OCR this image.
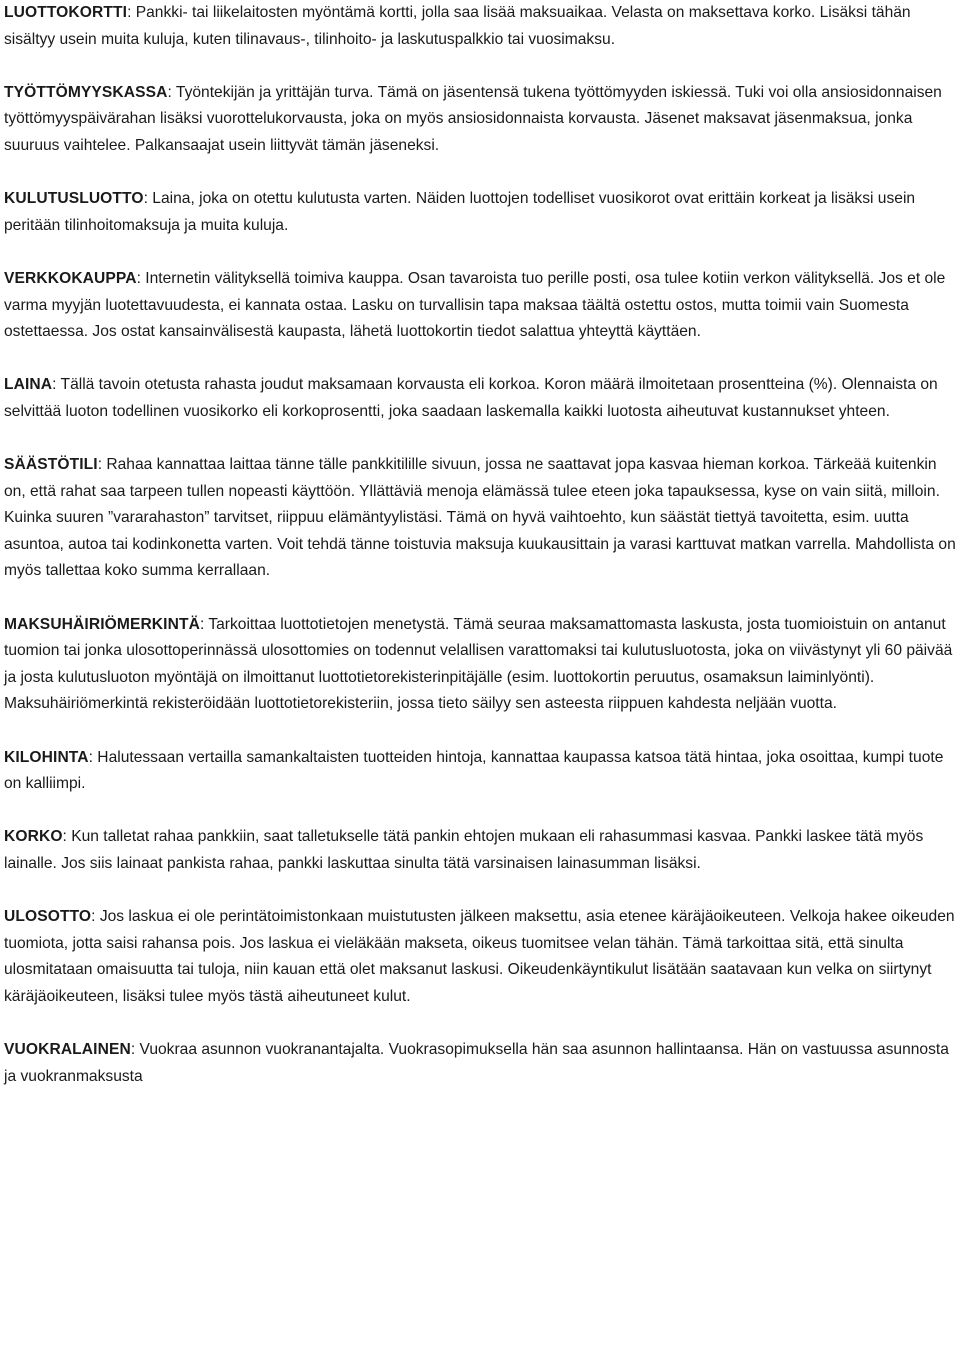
LUOTTOKORTTI: Pankki- tai liikelaitosten myöntämä kortti, jolla saa lisää maksuaikaa. Velasta on maksettava korko. Lisäksi tähän sisältyy usein muita kuluja, kuten tilinavaus-, tilinhoito- ja laskutuspalkkio tai vuosimaksu.

TYÖTTÖMYYSKASSA: Työntekijän ja yrittäjän turva. Tämä on jäsentensä tukena työttömyyden iskiessä. Tuki voi olla ansiosidonnaisen työttömyyspäivärahan lisäksi vuorottelukorvausta, joka on myös ansiosidonnaista korvausta. Jäsenet maksavat jäsenmaksua, jonka suuruus vaihtelee. Palkansaajat usein liittyvät tämän jäseneksi.

KULUTUSLUOTTO: Laina, joka on otettu kulutusta varten. Näiden luottojen todelliset vuosikorot ovat erittäin korkeat ja lisäksi usein peritään tilinhoitomaksuja ja muita kuluja.

VERKKOKAUPPA: Internetin välityksellä toimiva kauppa. Osan tavaroista tuo perille posti, osa tulee kotiin verkon välityksellä. Jos et ole varma myyjän luotettavuudesta, ei kannata ostaa. Lasku on turvallisin tapa maksaa täältä ostettu ostos, mutta toimii vain Suomesta ostettaessa. Jos ostat kansainvälisestä kaupasta, lähetä luottokortin tiedot salattua yhteyttä käyttäen.

LAINA: Tällä tavoin otetusta rahasta joudut maksamaan korvausta eli korkoa. Koron määrä ilmoitetaan prosentteina (%). Olennaista on selvittää luoton todellinen vuosikorko eli korkoprosentti, joka saadaan laskemalla kaikki luotosta aiheutuvat kustannukset yhteen.

SÄÄSTÖTILI: Rahaa kannattaa laittaa tänne tälle pankkitilille sivuun, jossa ne saattavat jopa kasvaa hieman korkoa. Tärkeää kuitenkin on, että rahat saa tarpeen tullen nopeasti käyttöön. Yllättäviä menoja elämässä tulee eteen joka tapauksessa, kyse on vain siitä, milloin. Kuinka suuren ”vararahaston” tarvitset, riippuu elämäntyylistäsi. Tämä on hyvä vaihtoehto, kun säästät tiettyä tavoitetta, esim. uutta asuntoa, autoa tai kodinkonetta varten. Voit tehdä tänne toistuvia maksuja kuukausittain ja varasi karttuvat matkan varrella. Mahdollista on myös tallettaa koko summa kerrallaan.

MAKSUHÄIRIÖMERKINTÄ: Tarkoittaa luottotietojen menetystä. Tämä seuraa maksamattomasta laskusta, josta tuomioistuin on antanut tuomion tai jonka ulosottoperinnässä ulosottomies on todennut velallisen varattomaksi tai kulutusluotosta, joka on viivästynyt yli 60 päivää ja josta kulutusluoton myöntäjä on ilmoittanut luottotietorekisterinpitäjälle (esim. luottokortin peruutus, osamaksun laiminlyönti). Maksuhäiriömerkintä rekisteröidään luottotietorekisteriin, jossa tieto säilyy sen asteesta riippuen kahdesta neljään vuotta.

KILOHINTA: Halutessaan vertailla samankaltaisten tuotteiden hintoja, kannattaa kaupassa katsoa tätä hintaa, joka osoittaa, kumpi tuote on kalliimpi.

KORKO: Kun talletat rahaa pankkiin, saat talletukselle tätä pankin ehtojen mukaan eli rahasummasi kasvaa. Pankki laskee tätä myös lainalle. Jos siis lainaat pankista rahaa, pankki laskuttaa sinulta tätä varsinaisen lainasumman lisäksi.

ULOSOTTO: Jos laskua ei ole perintätoimistonkaan muistutusten jälkeen maksettu, asia etenee käräjäoikeuteen. Velkoja hakee oikeuden tuomiota, jotta saisi rahansa pois. Jos laskua ei vieläkään makseta, oikeus tuomitsee velan tähän. Tämä tarkoittaa sitä, että sinulta ulosmitataan omaisuutta tai tuloja, niin kauan että olet maksanut laskusi. Oikeudenkäyntikulut lisätään saatavaan kun velka on siirtynyt käräjäoikeuteen, lisäksi tulee myös tästä aiheutuneet kulut.

VUOKRALAINEN: Vuokraa asunnon vuokranantajalta. Vuokrasopimuksella hän saa asunnon hallintaansa. Hän on vastuussa asunnosta ja vuokranmaksusta
